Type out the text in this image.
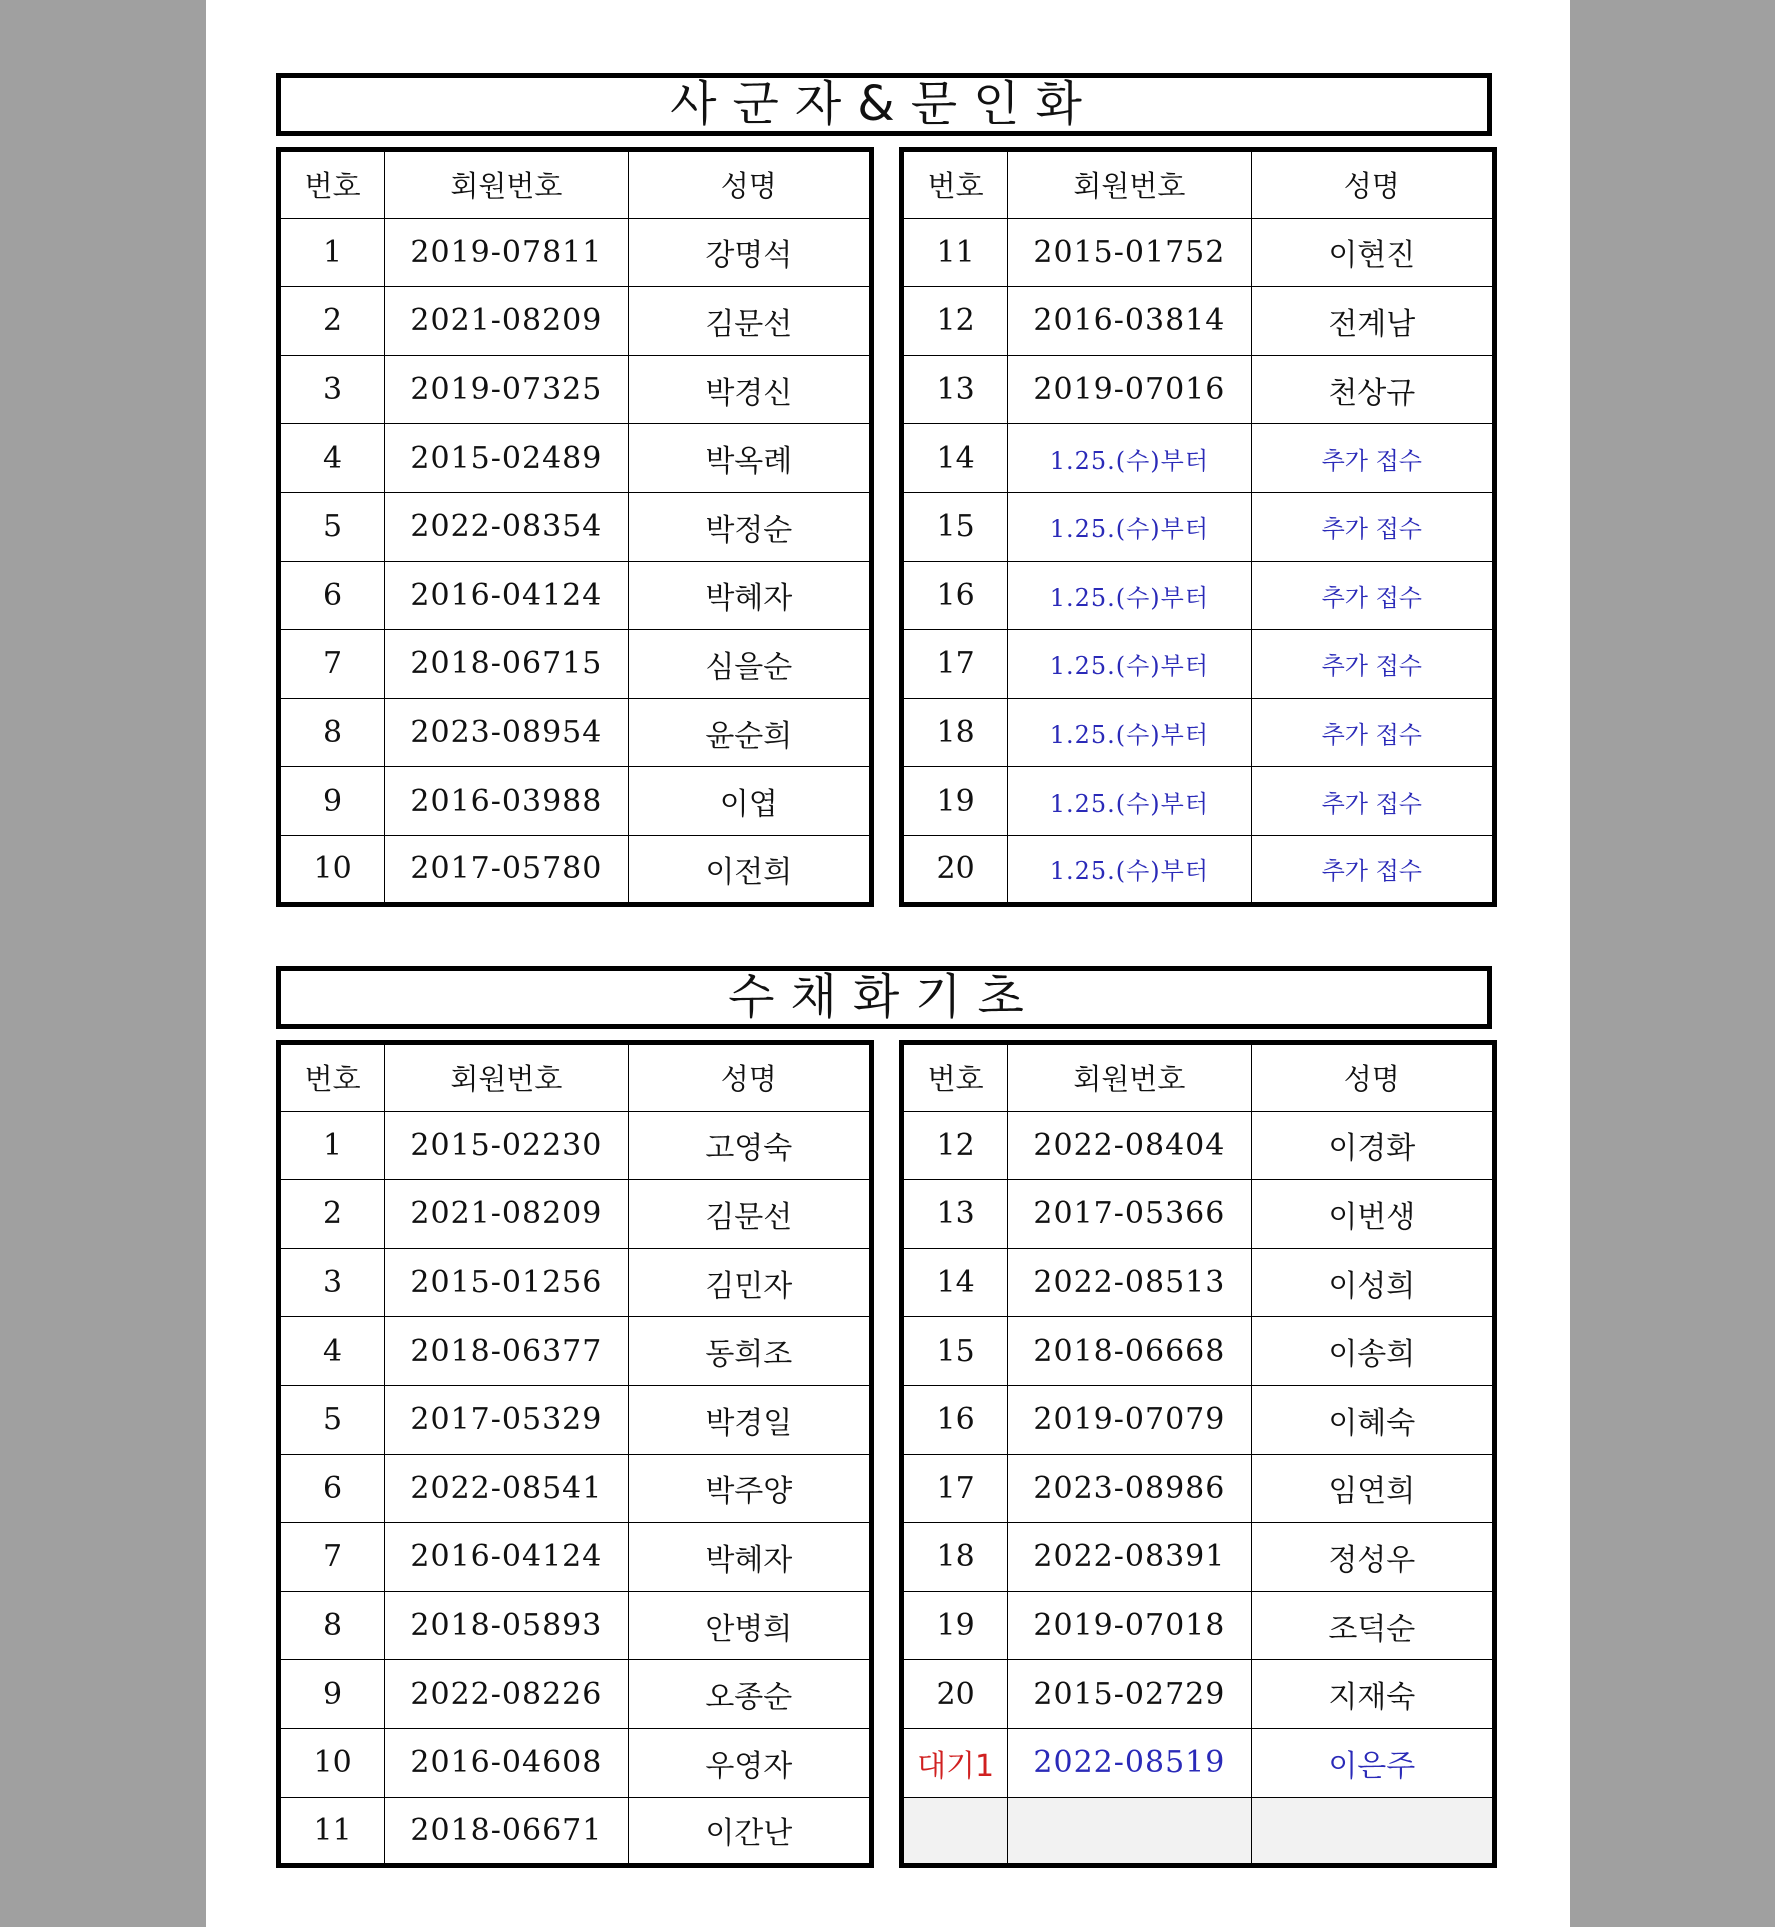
사군자&문인화
번호	회원번호	성명
1	2019-07811	강명석
2	2021-08209	김문선
3	2019-07325	박경신
4	2015-02489	박옥례
5	2022-08354	박정순
6	2016-04124	박혜자
7	2018-06715	심을순
8	2023-08954	윤순희
9	2016-03988	이엽
10	2017-05780	이전희
번호	회원번호	성명
11	2015-01752	이현진
12	2016-03814	전계남
13	2019-07016	천상규
14	1.25.(수)부터	추가 접수
15	1.25.(수)부터	추가 접수
16	1.25.(수)부터	추가 접수
17	1.25.(수)부터	추가 접수
18	1.25.(수)부터	추가 접수
19	1.25.(수)부터	추가 접수
20	1.25.(수)부터	추가 접수
수채화기초
번호	회원번호	성명
1	2015-02230	고영숙
2	2021-08209	김문선
3	2015-01256	김민자
4	2018-06377	동희조
5	2017-05329	박경일
6	2022-08541	박주양
7	2016-04124	박혜자
8	2018-05893	안병희
9	2022-08226	오종순
10	2016-04608	우영자
11	2018-06671	이간난
번호	회원번호	성명
12	2022-08404	이경화
13	2017-05366	이번생
14	2022-08513	이성희
15	2018-06668	이송희
16	2019-07079	이혜숙
17	2023-08986	임연희
18	2022-08391	정성우
19	2019-07018	조덕순
20	2015-02729	지재숙
대기1	2022-08519	이은주
